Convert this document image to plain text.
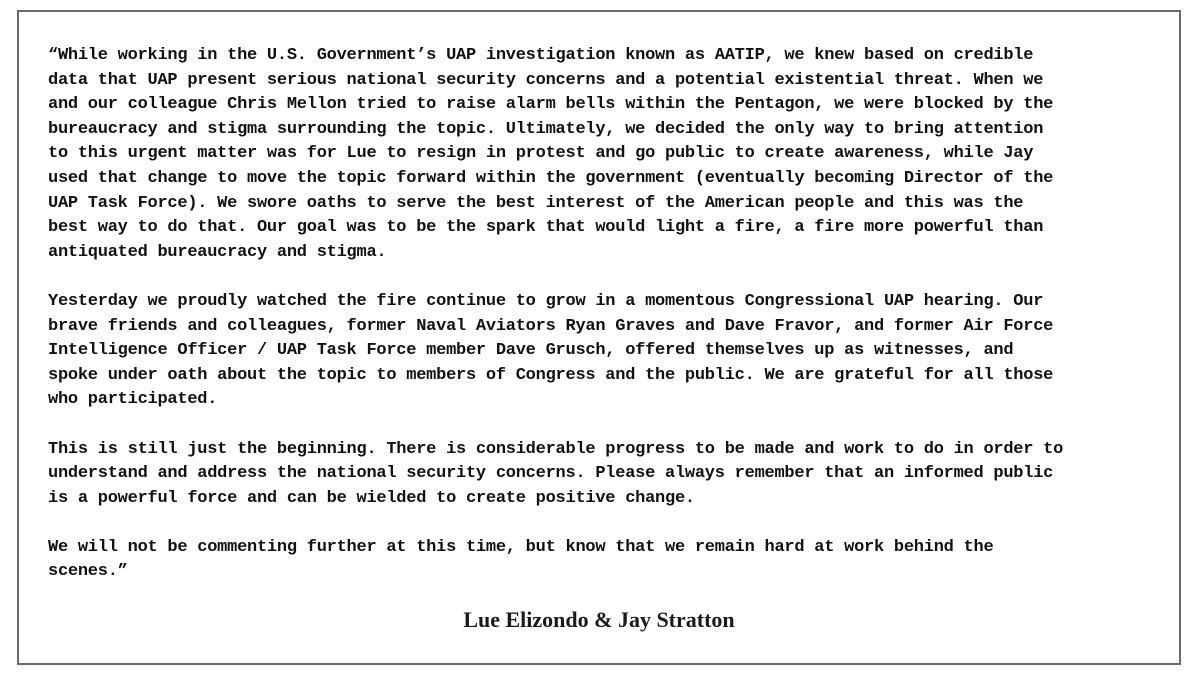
“While working in the U.S. Government’s UAP investigation known as AATIP, we knew based on credible
data that UAP present serious national security concerns and a potential existential threat. When we
and our colleague Chris Mellon tried to raise alarm bells within the Pentagon, we were blocked by the
bureaucracy and stigma surrounding the topic. Ultimately, we decided the only way to bring attention
to this urgent matter was for Lue to resign in protest and go public to create awareness, while Jay
used that change to move the topic forward within the government (eventually becoming Director of the
UAP Task Force). We swore oaths to serve the best interest of the American people and this was the
best way to do that. Our goal was to be the spark that would light a fire, a fire more powerful than
antiquated bureaucracy and stigma.

Yesterday we proudly watched the fire continue to grow in a momentous Congressional UAP hearing. Our
brave friends and colleagues, former Naval Aviators Ryan Graves and Dave Fravor, and former Air Force
Intelligence Officer / UAP Task Force member Dave Grusch, offered themselves up as witnesses, and
spoke under oath about the topic to members of Congress and the public. We are grateful for all those
who participated.

This is still just the beginning. There is considerable progress to be made and work to do in order to
understand and address the national security concerns. Please always remember that an informed public
is a powerful force and can be wielded to create positive change.

We will not be commenting further at this time, but know that we remain hard at work behind the
scenes.”

Lue Elizondo & Jay Stratton
